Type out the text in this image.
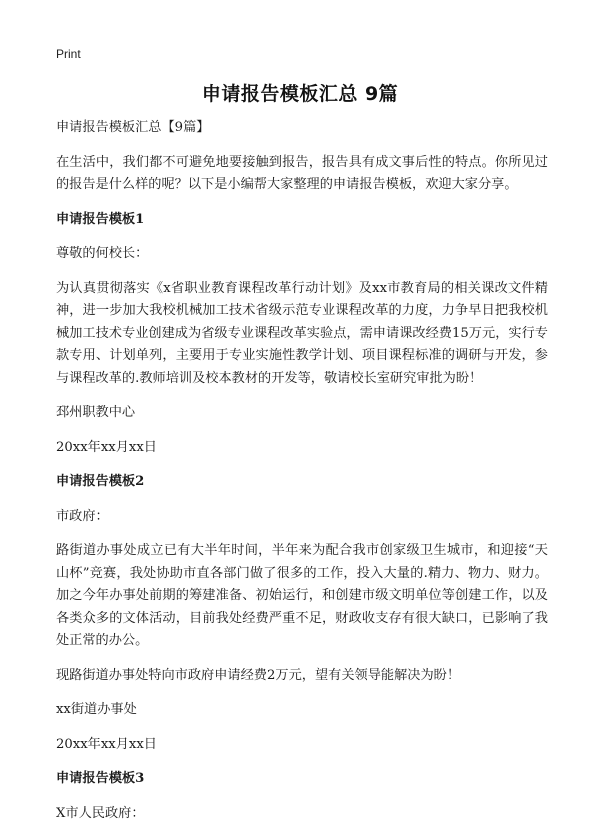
Print
申请报告模板汇总 9篇

申请报告模板汇总【9篇】

在生活中，我们都不可避免地要接触到报告，报告具有成文事后性的特点。你所见过的报告是什么样的呢？以下是小编帮大家整理的申请报告模板，欢迎大家分享。

申请报告模板1

尊敬的何校长：

为认真贯彻落实《x省职业教育课程改革行动计划》及xx市教育局的相关课改文件精神，进一步加大我校机械加工技术省级示范专业课程改革的力度，力争早日把我校机械加工技术专业创建成为省级专业课程改革实验点，需申请课改经费15万元，实行专款专用、计划单列，主要用于专业实施性教学计划、项目课程标准的调研与开发，参与课程改革的.教师培训及校本教材的开发等，敬请校长室研究审批为盼！

邳州职教中心

20xx年xx月xx日

申请报告模板2

市政府：

路街道办事处成立已有大半年时间，半年来为配合我市创家级卫生城市，和迎接“天山杯”竞赛，我处协助市直各部门做了很多的工作，投入大量的.精力、物力、财力。加之今年办事处前期的筹建准备、初始运行，和创建市级文明单位等创建工作，以及各类众多的文体活动，目前我处经费严重不足，财政收支存有很大缺口，已影响了我处正常的办公。

现路街道办事处特向市政府申请经费2万元，望有关领导能解决为盼！

xx街道办事处

20xx年xx月xx日

申请报告模板3

X市人民政府：
